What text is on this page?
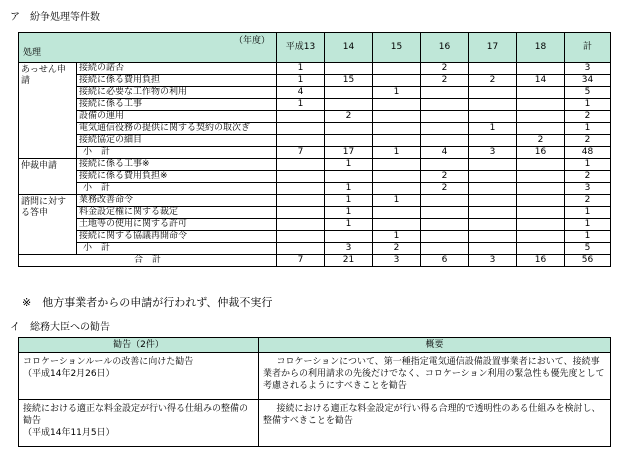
ア　紛争処理等件数
（年度）
処理		平成13	14	15	16	17	18	計
あっせん申請	接続の諾否	1			2			3
	接続に係る費用負担	1	15		2	2	14	34
	接続に必要な工作物の利用	4		1				5
	接続に係る工事	1						1
	設備の運用		2					2
	電気通信役務の提供に関する契約の取次ぎ					1		1
	接続協定の細目						2	2
	小　計	7	17	1	4	3	16	48
仲裁申請	接続に係る工事※		1					1
	接続に係る費用負担※				2			2
	小　計		1		2			3
諮問に対する答申	業務改善命令		1	1				2
	料金設定権に関する裁定		1					1
	土地等の使用に関する許可		1					1
	接続に関する協議再開命令			1				1
	小　計		3	2				5
合　計		7	21	3	6	3	16	56
※　他方事業者からの申請が行われず、仲裁不実行
イ　総務大臣への勧告
勧告（2件）	概要

コロケーションルールの改善に向けた勧告
（平成14年2月26日）	コロケーションについて、第一種指定電気通信設備設置事業者において、接続事業者からの利用請求の先後だけでなく、コロケーション利用の緊急性も優先度として考慮されるようにすべきことを勧告

接続における適正な料金設定が行い得る仕組みの整備の勧告
（平成14年11月5日）	接続における適正な料金設定が行い得る合理的で透明性のある仕組みを検討し、整備すべきことを勧告
